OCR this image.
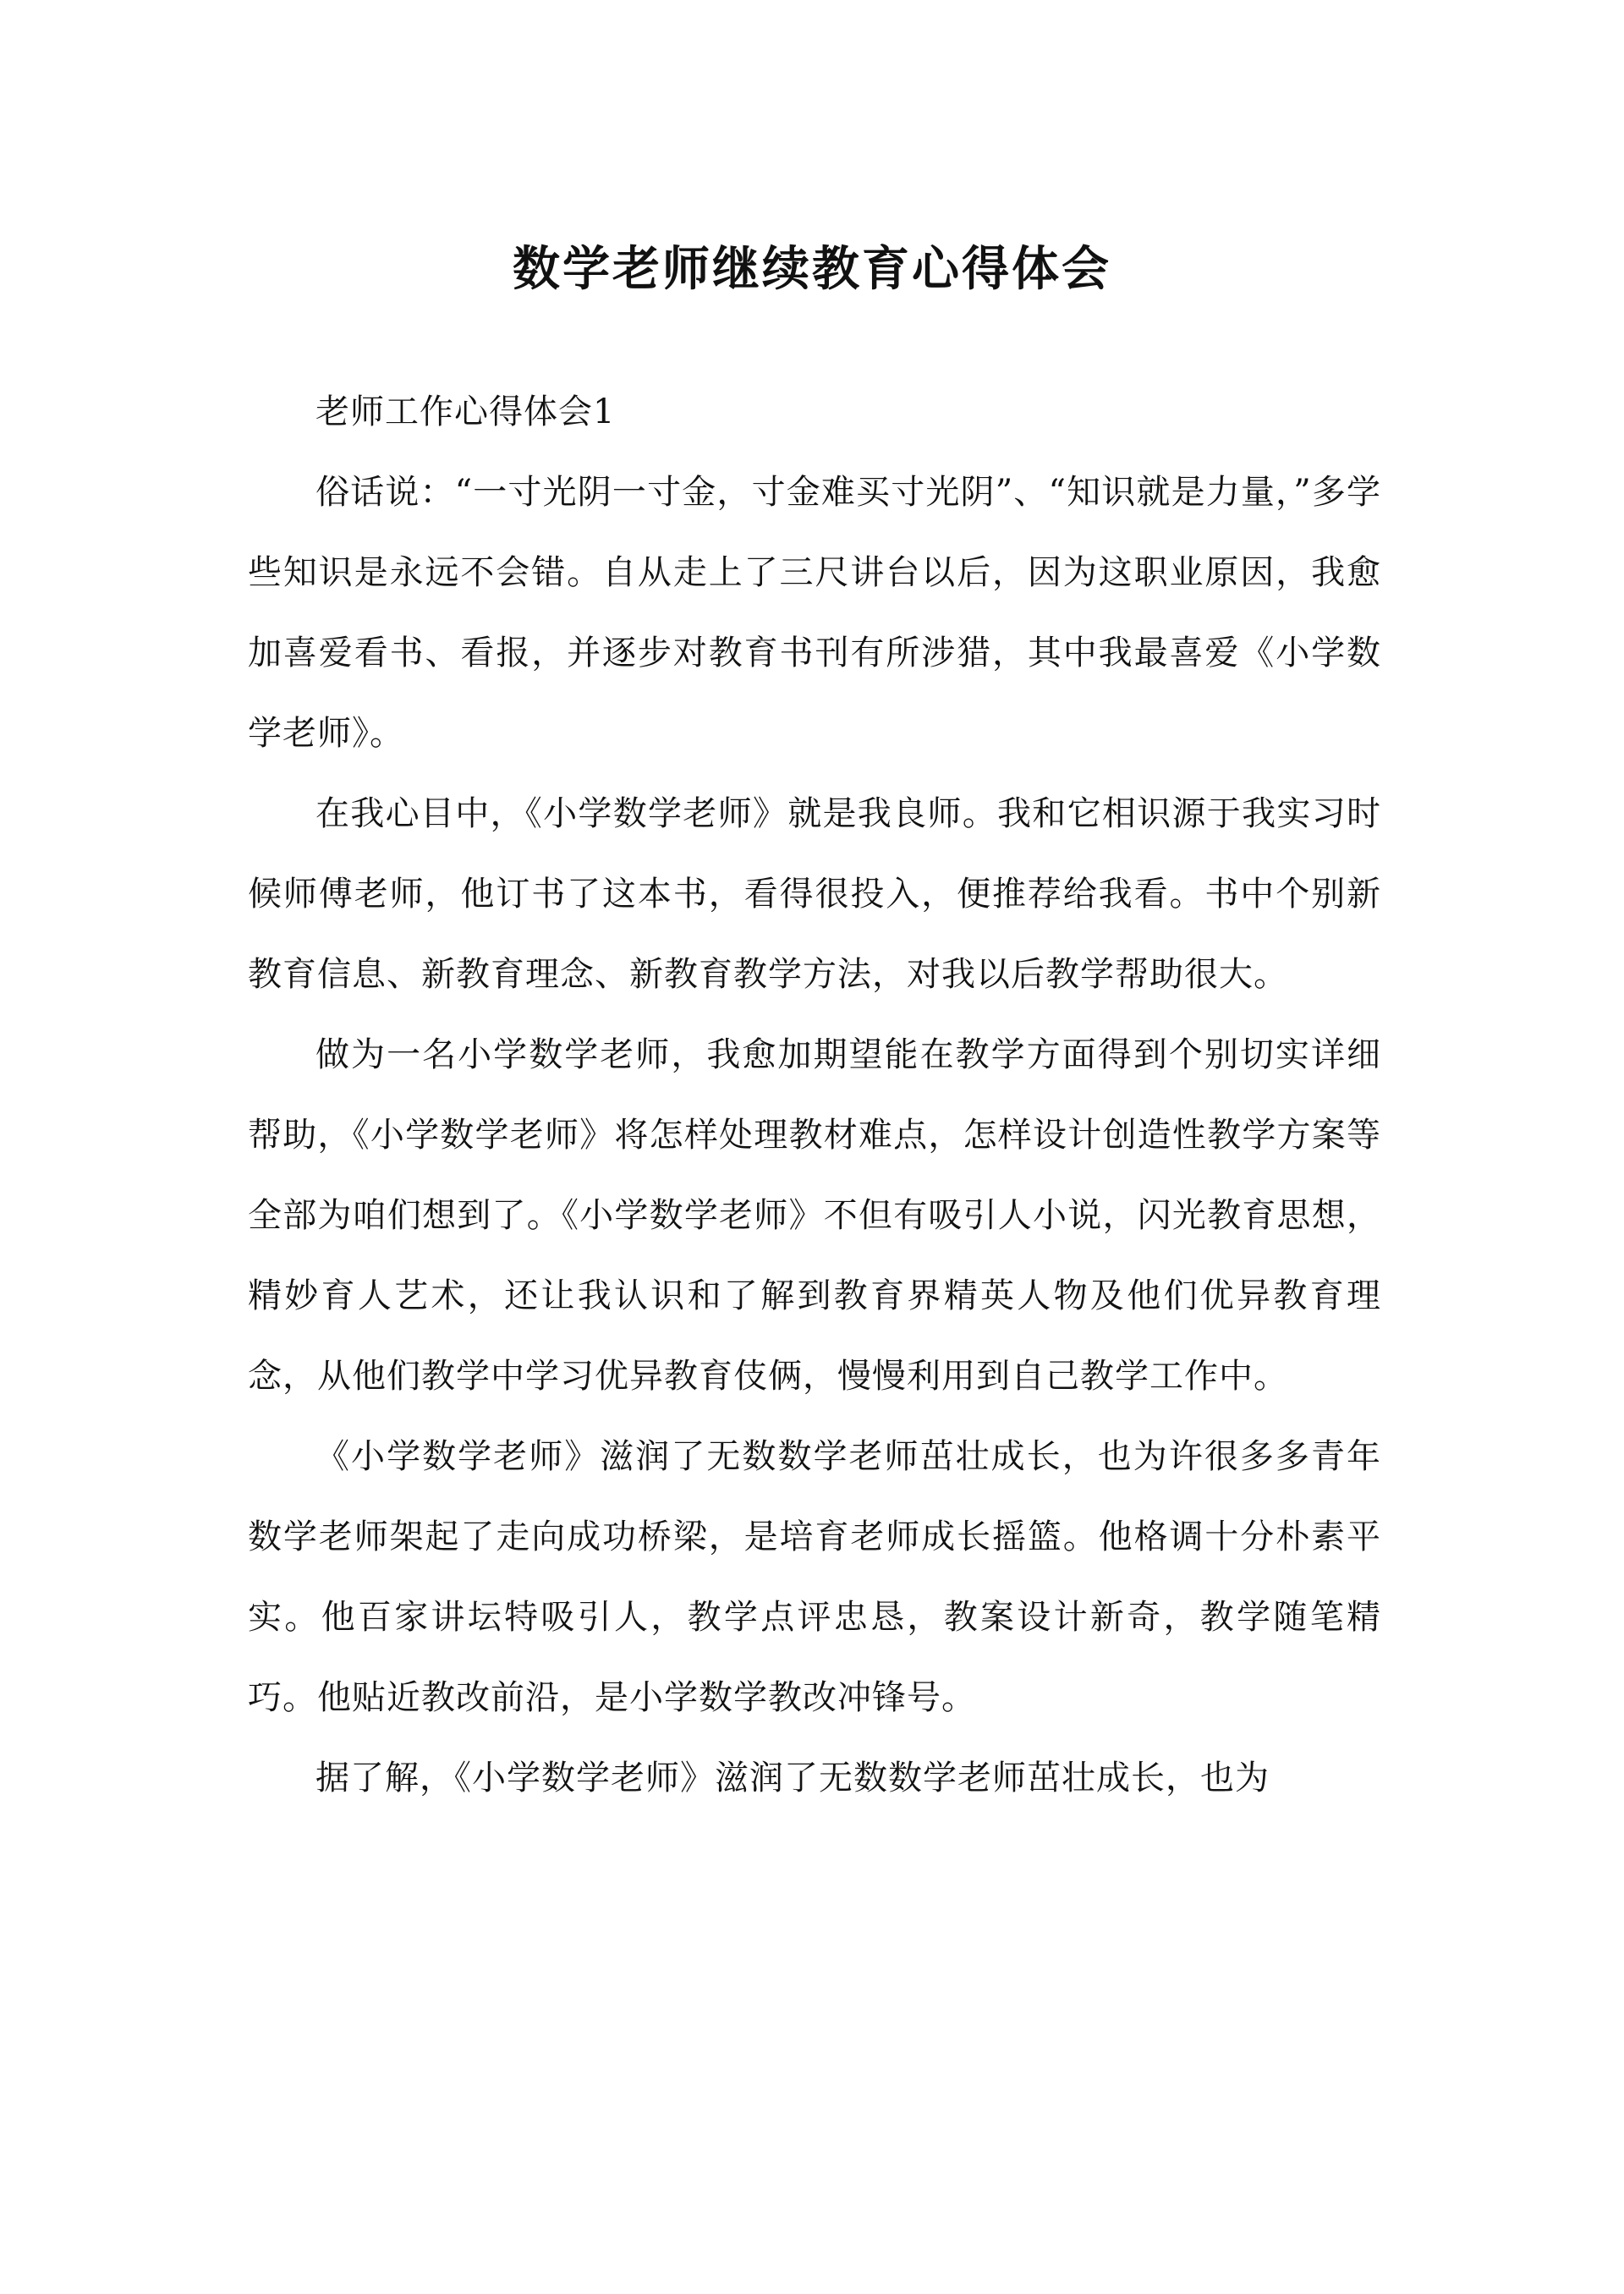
数学老师继续教育心得体会

老师工作心得体会1

俗话说：“一寸光阴一寸金，寸金难买寸光阴”、“知识就是力量，”多学些知识是永远不会错。自从走上了三尺讲台以后，因为这职业原因，我愈加喜爱看书、看报，并逐步对教育书刊有所涉猎，其中我最喜爱《小学数学老师》。

在我心目中，《小学数学老师》就是我良师。我和它相识源于我实习时候师傅老师，他订书了这本书，看得很投入，便推荐给我看。书中个别新教育信息、新教育理念、新教育教学方法，对我以后教学帮助很大。

做为一名小学数学老师，我愈加期望能在教学方面得到个别切实详细帮助，《小学数学老师》将怎样处理教材难点，怎样设计创造性教学方案等全部为咱们想到了。《小学数学老师》不但有吸引人小说，闪光教育思想，精妙育人艺术，还让我认识和了解到教育界精英人物及他们优异教育理念，从他们教学中学习优异教育伎俩，慢慢利用到自己教学工作中。

《小学数学老师》滋润了无数数学老师茁壮成长，也为许很多多青年数学老师架起了走向成功桥梁，是培育老师成长摇篮。他格调十分朴素平实。他百家讲坛特吸引人，教学点评忠恳，教案设计新奇，教学随笔精巧。他贴近教改前沿，是小学数学教改冲锋号。

据了解，《小学数学老师》滋润了无数数学老师茁壮成长，也为
